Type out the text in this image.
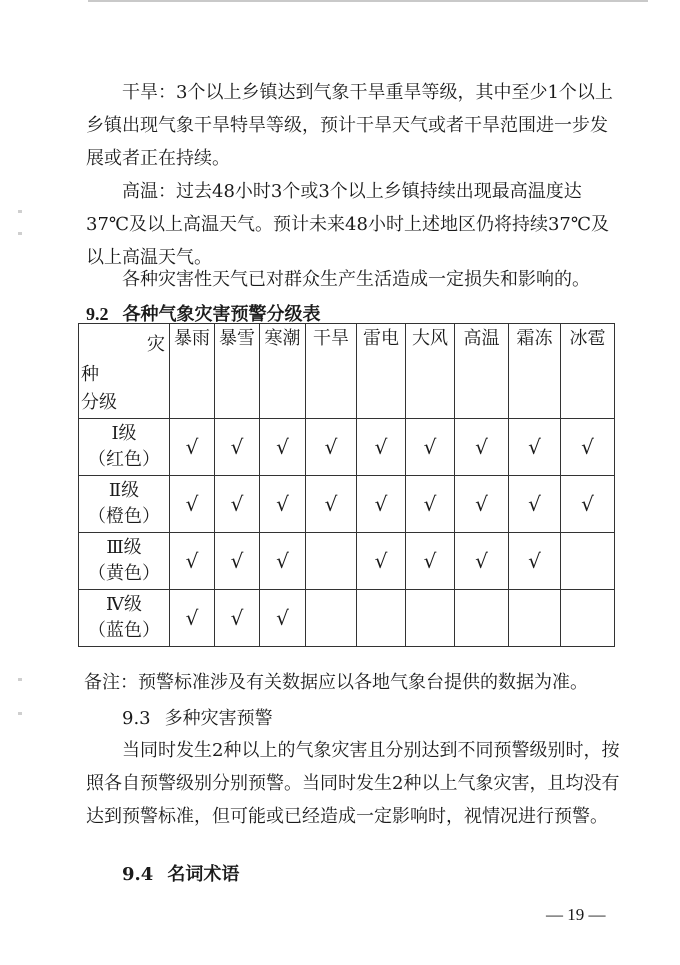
干旱：3个以上乡镇达到气象干旱重旱等级，其中至少1个以上乡镇出现气象干旱特旱等级，预计干旱天气或者干旱范围进一步发展或者正在持续。

高温：过去48小时3个或3个以上乡镇持续出现最高温度达37℃及以上高温天气。预计未来48小时上述地区仍将持续37℃及以上高温天气。

各种灾害性天气已对群众生产生活造成一定损失和影响的。

9.2 各种气象灾害预警分级表

灾
种
分级	暴雨	暴雪	寒潮	干旱	雷电	大风	高温	霜冻	冰雹

Ⅰ级
（红色）	√	√	√	√	√	√	√	√	√

Ⅱ级
（橙色）	√	√	√	√	√	√	√	√	√

Ⅲ级
（黄色）	√	√	√		√	√	√	√	

Ⅳ级
（蓝色）	√	√	√						

备注：预警标准涉及有关数据应以各地气象台提供的数据为准。

9.3 多种灾害预警

当同时发生2种以上的气象灾害且分别达到不同预警级别时，按照各自预警级别分别预警。当同时发生2种以上气象灾害，且均没有达到预警标准，但可能或已经造成一定影响时，视情况进行预警。

9.4 名词术语

— 19 —
